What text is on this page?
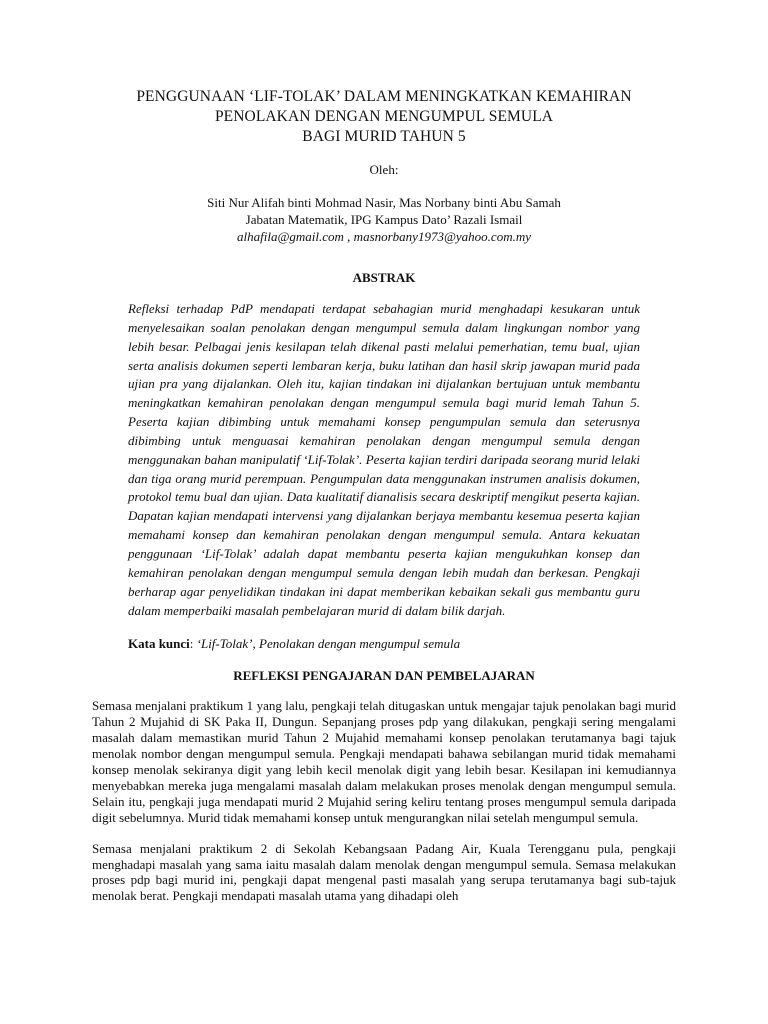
PENGGUNAAN ‘LIF-TOLAK’ DALAM MENINGKATKAN KEMAHIRAN
PENOLAKAN DENGAN MENGUMPUL SEMULA
BAGI MURID TAHUN 5
Oleh:
Siti Nur Alifah binti Mohmad Nasir, Mas Norbany binti Abu Samah
Jabatan Matematik, IPG Kampus Dato’ Razali Ismail
alhafila@gmail.com , masnorbany1973@yahoo.com.my
ABSTRAK
Refleksi terhadap PdP mendapati terdapat sebahagian murid menghadapi kesukaran untuk menyelesaikan soalan penolakan dengan mengumpul semula dalam lingkungan nombor yang lebih besar. Pelbagai jenis kesilapan telah dikenal pasti melalui pemerhatian, temu bual, ujian serta analisis dokumen seperti lembaran kerja, buku latihan dan hasil skrip jawapan murid pada ujian pra yang dijalankan. Oleh itu, kajian tindakan ini dijalankan bertujuan untuk membantu meningkatkan kemahiran penolakan dengan mengumpul semula bagi murid lemah Tahun 5. Peserta kajian dibimbing untuk memahami konsep pengumpulan semula dan seterusnya dibimbing untuk menguasai kemahiran penolakan dengan mengumpul semula dengan menggunakan bahan manipulatif ‘Lif-Tolak’. Peserta kajian terdiri daripada seorang murid lelaki dan tiga orang murid perempuan. Pengumpulan data menggunakan instrumen analisis dokumen, protokol temu bual dan ujian. Data kualitatif dianalisis secara deskriptif mengikut peserta kajian. Dapatan kajian mendapati intervensi yang dijalankan berjaya membantu kesemua peserta kajian memahami konsep dan kemahiran penolakan dengan mengumpul semula. Antara kekuatan penggunaan ‘Lif-Tolak’ adalah dapat membantu peserta kajian mengukuhkan konsep dan kemahiran penolakan dengan mengumpul semula dengan lebih mudah dan berkesan. Pengkaji berharap agar penyelidikan tindakan ini dapat memberikan kebaikan sekali gus membantu guru dalam memperbaiki masalah pembelajaran murid di dalam bilik darjah.
Kata kunci: ‘Lif-Tolak’, Penolakan dengan mengumpul semula
REFLEKSI PENGAJARAN DAN PEMBELAJARAN
Semasa menjalani praktikum 1 yang lalu, pengkaji telah ditugaskan untuk mengajar tajuk penolakan bagi murid Tahun 2 Mujahid di SK Paka II, Dungun. Sepanjang proses pdp yang dilakukan, pengkaji sering mengalami masalah dalam memastikan murid Tahun 2 Mujahid memahami konsep penolakan terutamanya bagi tajuk menolak nombor dengan mengumpul semula. Pengkaji mendapati bahawa sebilangan murid tidak memahami konsep menolak sekiranya digit yang lebih kecil menolak digit yang lebih besar. Kesilapan ini kemudiannya menyebabkan mereka juga mengalami masalah dalam melakukan proses menolak dengan mengumpul semula. Selain itu, pengkaji juga mendapati murid 2 Mujahid sering keliru tentang proses mengumpul semula daripada digit sebelumnya. Murid tidak memahami konsep untuk mengurangkan nilai setelah mengumpul semula.
Semasa menjalani praktikum 2 di Sekolah Kebangsaan Padang Air, Kuala Terengganu pula, pengkaji menghadapi masalah yang sama iaitu masalah dalam menolak dengan mengumpul semula. Semasa melakukan proses pdp bagi murid ini, pengkaji dapat mengenal pasti masalah yang serupa terutamanya bagi sub-tajuk menolak berat. Pengkaji mendapati masalah utama yang dihadapi oleh
